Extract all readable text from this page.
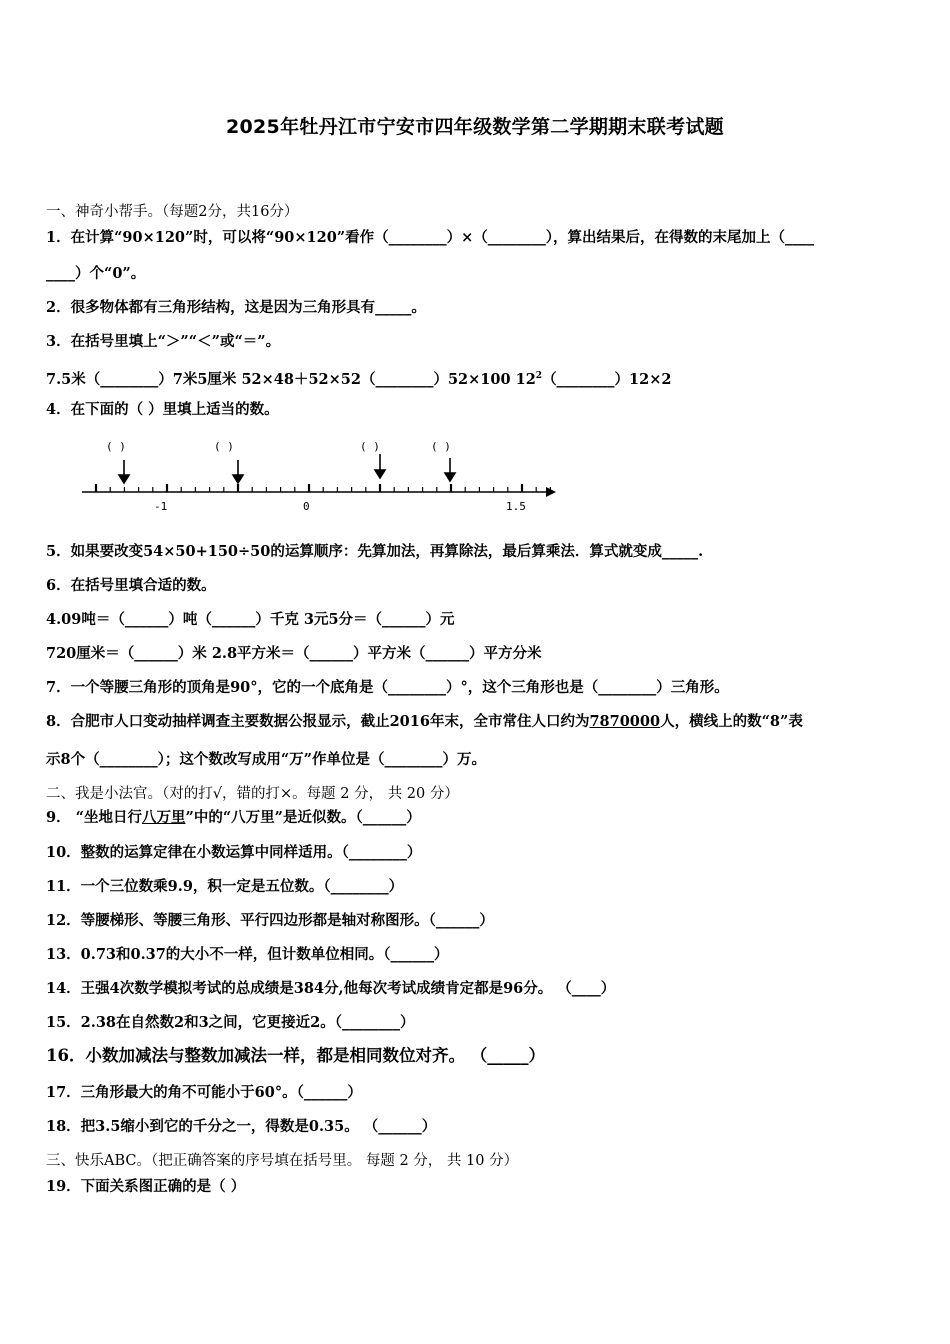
2025年牡丹江市宁安市四年级数学第二学期期末联考试题
一、神奇小帮手。（每题2分，共16分）
1．在计算“90×120”时，可以将“90×120”看作（________）×（________），算出结果后，在得数的末尾加上（____
____）个“0”。
2．很多物体都有三角形结构，这是因为三角形具有_____。
3．在括号里填上“＞”“＜”或“＝”。
7.5米（________）7米5厘米 52×48＋52×52（________）52×100 $12^2(\_\_\_\_\_\_\_\_)12\times 2$
4．在下面的（ ）里填上适当的数。
( )	( )	( )	( )
-1	0	1.5
5．如果要改变54×50+150÷50的运算顺序：先算加法，再算除法，最后算乘法．算式就变成_____.
6．在括号里填合适的数。
4.09吨＝（______）吨（______）千克 3元5分＝（______）元
720厘米＝（______）米 2.8平方米＝（______）平方米（______）平方分米
7．一个等腰三角形的顶角是90°，它的一个底角是（________）°，这个三角形也是（________）三角形。
8．合肥市人口变动抽样调查主要数据公报显示，截止2016年末，全市常住人口约为7870000人，横线上的数“8”表
示8个（________）；这个数改写成用“万”作单位是（________）万。
二、我是小法官。（对的打√，错的打×。每题 2 分， 共 20 分）
9． “坐地日行八万里”中的“八万里”是近似数。（______）
10．整数的运算定律在小数运算中同样适用。（________）
11．一个三位数乘9.9，积一定是五位数。（________）
12．等腰梯形、等腰三角形、平行四边形都是轴对称图形。（______）
13．0.73和0.37的大小不一样，但计数单位相同。（______）
14．王强4次数学模拟考试的总成绩是384分,他每次考试成绩肯定都是96分。 （____）
15．2.38在自然数2和3之间，它更接近2。（________）
16．小数加减法与整数加减法一样，都是相同数位对齐。 （_____）
17．三角形最大的角不可能小于60°。（______）
18．把3.5缩小到它的千分之一，得数是0.35。 （______）
三、快乐ABC。（把正确答案的序号填在括号里。 每题 2 分， 共 10 分）
19．下面关系图正确的是（ ）
